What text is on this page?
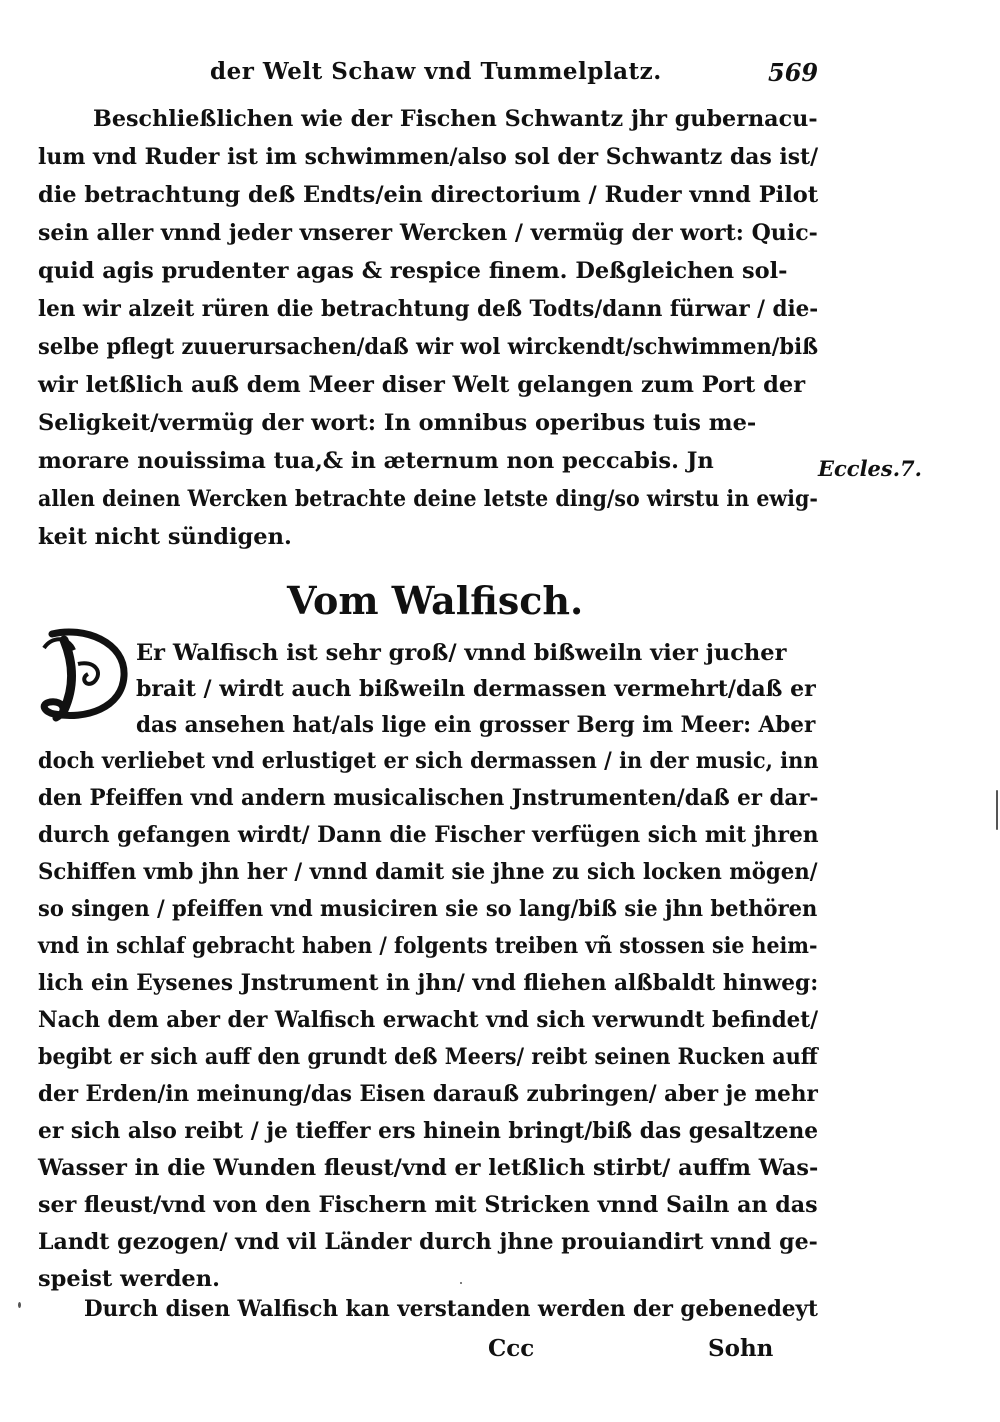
der Welt Schaw vnd Tummelplatz.	569
Beschließlichen wie der Fischen Schwantz jhr gubernacu-
lum vnd Ruder ist im schwimmen/also sol der Schwantz das ist/
die betrachtung deß Endts/ein directorium / Ruder vnnd Pilot
sein aller vnnd jeder vnserer Wercken / vermüg der wort: Quic-
quid agis prudenter agas & respice finem. Deßgleichen sol-
len wir alzeit rüren die betrachtung deß Todts/dann fürwar / die-
selbe pflegt zuuerursachen/daß wir wol wirckendt/schwimmen/biß
wir letßlich auß dem Meer diser Welt gelangen zum Port der
Seligkeit/vermüg der wort: In omnibus operibus tuis me-
morare nouissima tua,& in æternum non peccabis. Jn
allen deinen Wercken betrachte deine letste ding/so wirstu in ewig-
keit nicht sündigen.
Eccles.7.
Vom Walfisch.
Er Walfisch ist sehr groß/ vnnd bißweiln vier jucher
brait / wirdt auch bißweiln dermassen vermehrt/daß er
das ansehen hat/als lige ein grosser Berg im Meer: Aber
doch verliebet vnd erlustiget er sich dermassen / in der music, inn
den Pfeiffen vnd andern musicalischen Jnstrumenten/daß er dar-
durch gefangen wirdt/ Dann die Fischer verfügen sich mit jhren
Schiffen vmb jhn her / vnnd damit sie jhne zu sich locken mögen/
so singen / pfeiffen vnd musiciren sie so lang/biß sie jhn bethören
vnd in schlaf gebracht haben / folgents treiben vñ stossen sie heim-
lich ein Eysenes Jnstrument in jhn/ vnd fliehen alßbaldt hinweg:
Nach dem aber der Walfisch erwacht vnd sich verwundt befindet/
begibt er sich auff den grundt deß Meers/ reibt seinen Rucken auff
der Erden/in meinung/das Eisen darauß zubringen/ aber je mehr
er sich also reibt / je tieffer ers hinein bringt/biß das gesaltzene
Wasser in die Wunden fleust/vnd er letßlich stirbt/ auffm Was-
ser fleust/vnd von den Fischern mit Stricken vnnd Sailn an das
Landt gezogen/ vnd vil Länder durch jhne prouiandirt vnnd ge-
speist werden.
Durch disen Walfisch kan verstanden werden der gebenedeyt
Ccc	Sohn
